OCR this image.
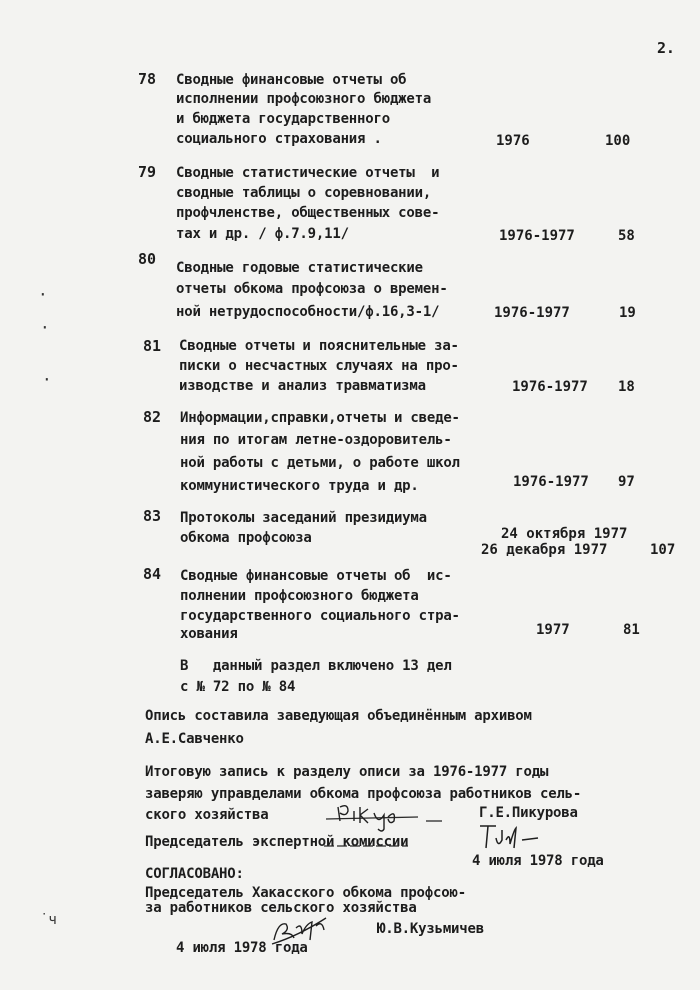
2.
78 Сводные финансовые отчеты об
исполнении профсоюзного бюджета
и бюджета государственного
социального страхования .	1976	100
79 Сводные статистические отчеты  и
сводные таблицы о соревновании,
профчленстве, общественных сове-
тах и др. / ф.7.9,11/	1976-1977	58
80 Сводные годовые статистические
отчеты обкома профсоюза о времен-
ной нетрудоспособности/ф.16,3-1/	1976-1977	19
81 Сводные отчеты и пояснительные за-
писки о несчастных случаях на про-
изводстве и анализ травматизма	1976-1977 18
82 Информации,справки,отчеты и сведе-
ния по итогам летне-оздоровитель-
ной работы с детьми, о работе школ
коммунистического труда и др.	1976-1977 97
83 Протоколы заседаний президиума
обкома профсоюза	24 октября 1977
26 декабря 1977	107
84 Сводные финансовые отчеты об  ис-
полнении профсоюзного бюджета
государственного социального стра-
хования	1977	81
В   данный раздел включено 13 дел
с № 72 по № 84
Опись составила заведующая объединённым архивом
А.Е.Савченко
Итоговую запись к разделу описи за 1976-1977 годы
заверяю управделами обкома профсоюза работников сель-
ского хозяйства	Г.Е.Пикурова
Председатель экспертной комиссии
4 июля 1978 года
СОГЛАСОВАНО:
Председатель Хакасского обкома профсою-
за работников сельского хозяйства
Ю.В.Кузьмичев
4 июля 1978 года
·
·
·
˙ч
